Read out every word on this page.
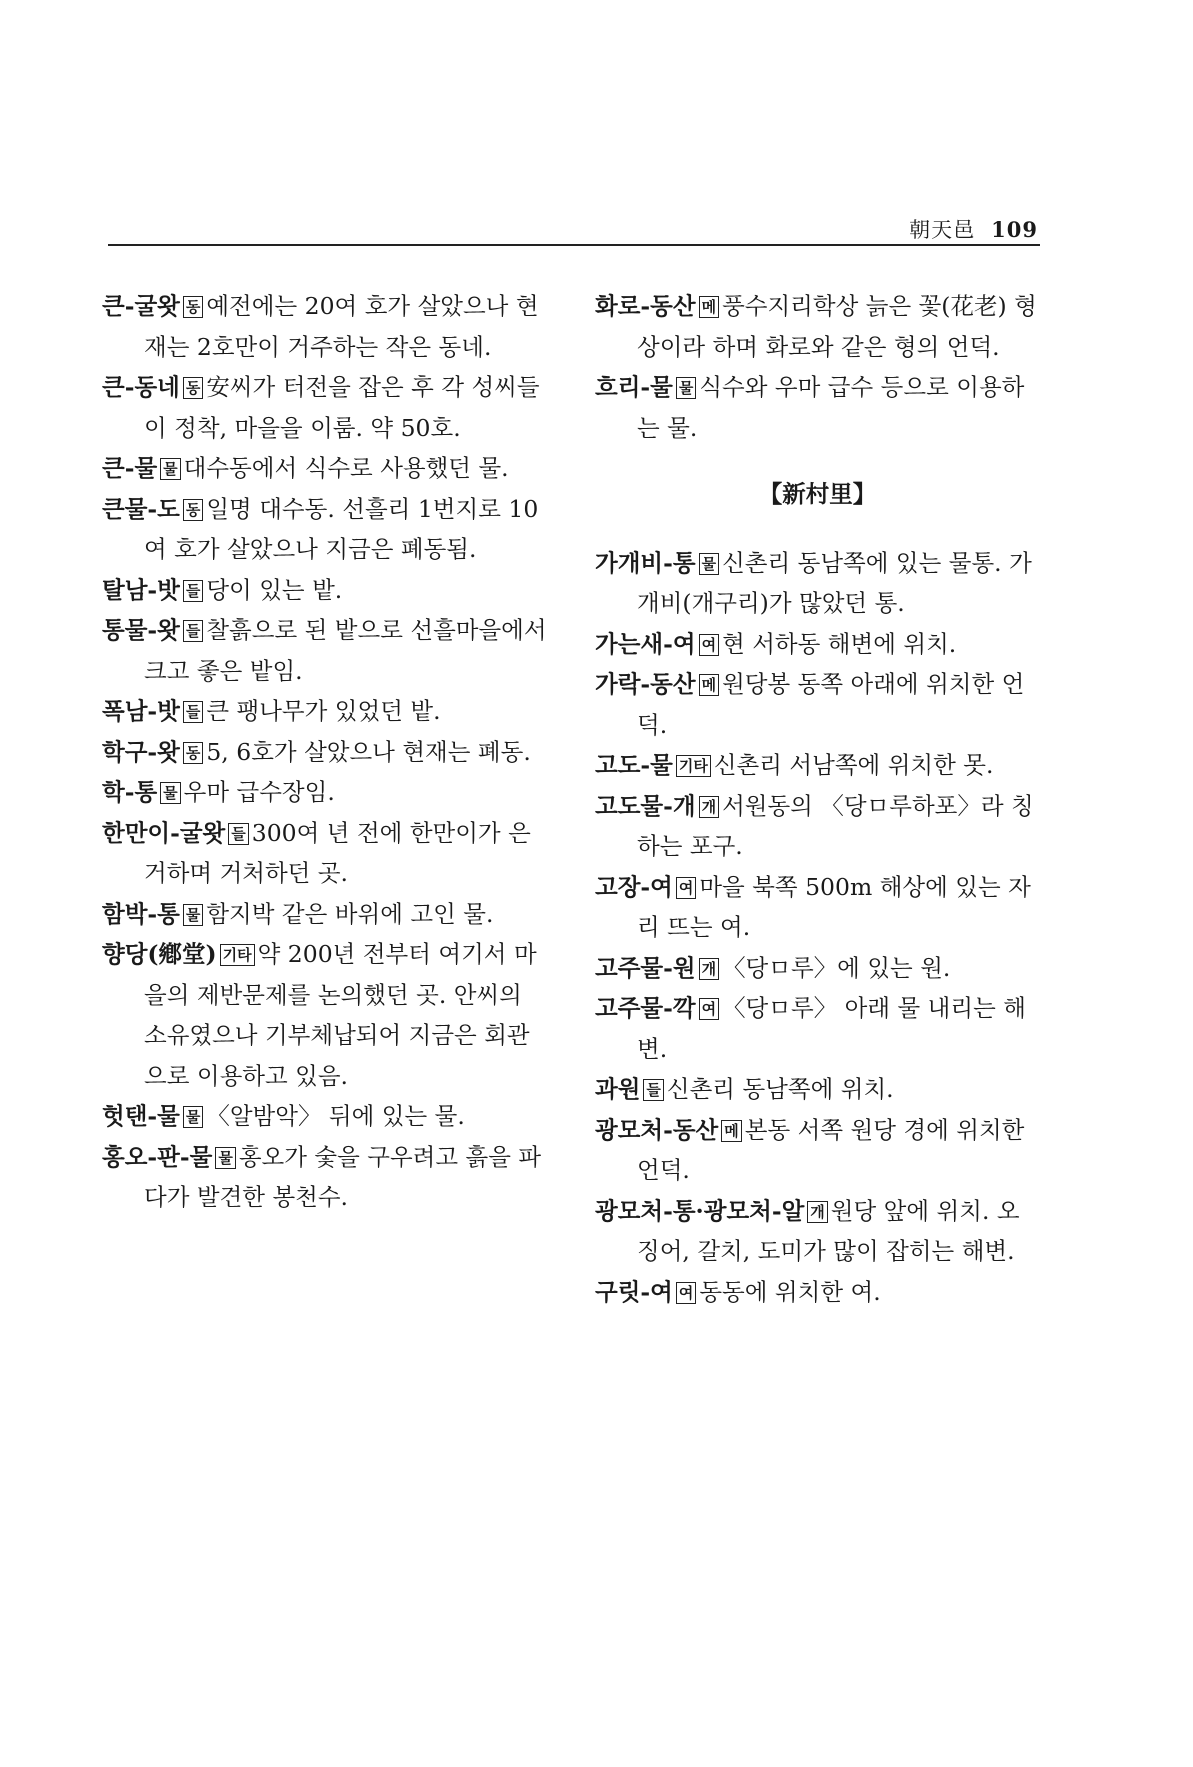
朝天邑 109
큰-굴왓 동 예전에는 20여 호가 살았으나 현재는 2호만이 거주하는 작은 동네.
큰-동네 동 安씨가 터전을 잡은 후 각 성씨들이 정착, 마을을 이룸. 약 50호.
큰-물 물 대수동에서 식수로 사용했던 물.
큰물-도 동 일명 대수동. 선흘리 1번지로 10여 호가 살았으나 지금은 폐동됨.
탈남-밧 들 당이 있는 밭.
통물-왓 들 찰흙으로 된 밭으로 선흘마을에서 크고 좋은 밭임.
폭남-밧 들 큰 팽나무가 있었던 밭.
학구-왓 동 5, 6호가 살았으나 현재는 폐동.
학-통 물 우마 급수장임.
한만이-굴왓 들 300여 년 전에 한만이가 은거하며 거처하던 곳.
함박-통 물 함지박 같은 바위에 고인 물.
향당(鄕堂) 기타 약 200년 전부터 여기서 마을의 제반문제를 논의했던 곳. 안씨의 소유였으나 기부체납되어 지금은 회관으로 이용하고 있음.
헛탠-물 물 〈알밤악〉 뒤에 있는 물.
홍오-판-물 물 홍오가 숯을 구우려고 흙을 파다가 발견한 봉천수.
화로-동산 메 풍수지리학상 늙은 꽃(花老) 형상이라 하며 화로와 같은 형의 언덕.
흐리-물 물 식수와 우마 급수 등으로 이용하는 물.
【新村里】
가개비-통 물 신촌리 동남쪽에 있는 물통. 가개비(개구리)가 많았던 통.
가는새-여 여 현 서하동 해변에 위치.
가락-동산 메 원당봉 동쪽 아래에 위치한 언덕.
고도-물 기타 신촌리 서남쪽에 위치한 못.
고도물-개 개 서원동의 〈당ㅁ루하포〉라 칭하는 포구.
고장-여 여 마을 북쪽 500m 해상에 있는 자리 뜨는 여.
고주물-원 개 〈당ㅁ루〉에 있는 원.
고주물-깍 여 〈당ㅁ루〉 아래 물 내리는 해변.
과원 들 신촌리 동남쪽에 위치.
광모처-동산 메 본동 서쪽 원당 경에 위치한 언덕.
광모처-통·광모처-알 개 원당 앞에 위치. 오징어, 갈치, 도미가 많이 잡히는 해변.
구릿-여 여 동동에 위치한 여.
